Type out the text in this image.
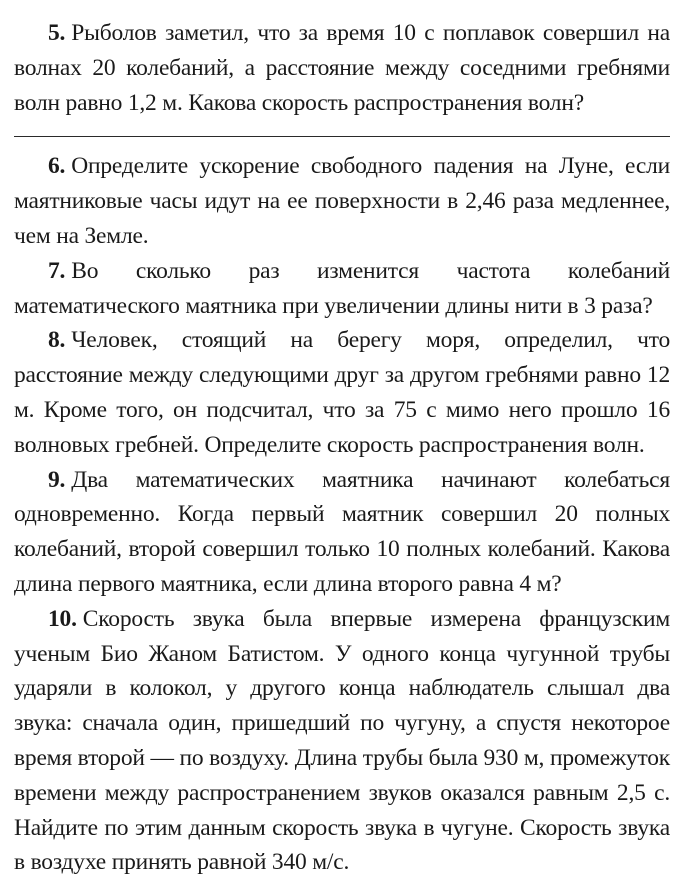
5. Рыболов заметил, что за время 10 с поплавок совершил на волнах 20 колебаний, а расстояние между соседними гребнями волн равно 1,2 м. Какова скорость распространения волн?

6. Определите ускорение свободного падения на Луне, если маятниковые часы идут на ее поверхности в 2,46 раза медленнее, чем на Земле.

7. Во сколько раз изменится частота колебаний математического маятника при увеличении длины нити в 3 раза?

8. Человек, стоящий на берегу моря, определил, что расстояние между следующими друг за другом гребнями равно 12 м. Кроме того, он подсчитал, что за 75 с мимо него прошло 16 волновых гребней. Определите скорость распространения волн.

9. Два математических маятника начинают колебаться одновременно. Когда первый маятник совершил 20 полных колебаний, второй совершил только 10 полных колебаний. Какова длина первого маятника, если длина второго равна 4 м?

10. Скорость звука была впервые измерена французским ученым Био Жаном Батистом. У одного конца чугунной трубы ударяли в колокол, у другого конца наблюдатель слышал два звука: сначала один, пришедший по чугуну, а спустя некоторое время второй — по воздуху. Длина трубы была 930 м, промежуток времени между распространением звуков оказался равным 2,5 с. Найдите по этим данным скорость звука в чугуне. Скорость звука в воздухе принять равной 340 м/с.
